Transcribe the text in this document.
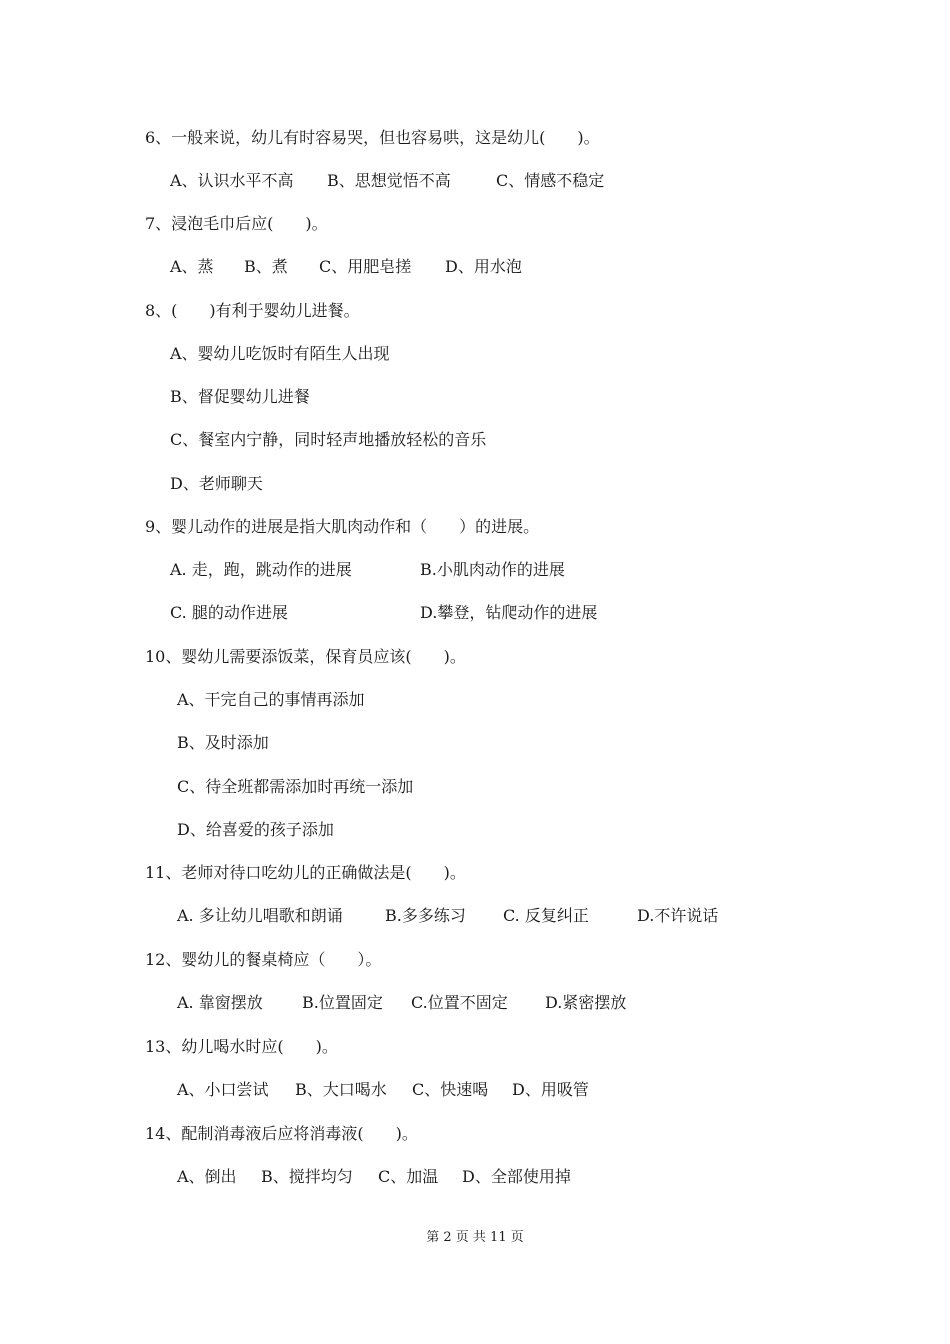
6、一般来说，幼儿有时容易哭，但也容易哄，这是幼儿(　　)。
A、认识水平不高 B、思想觉悟不高	C、情感不稳定
7、浸泡毛巾后应(　　)。
A、蒸 B、煮 C、用肥皂搓 D、用水泡
8、(　　)有利于婴幼儿进餐。
A、婴幼儿吃饭时有陌生人出现
B、督促婴幼儿进餐
C、餐室内宁静，同时轻声地播放轻松的音乐
D、老师聊天
9、婴儿动作的进展是指大肌肉动作和（　　）的进展。
A. 走，跑，跳动作的进展	B.小肌肉动作的进展
C. 腿的动作进展	D.攀登，钻爬动作的进展
10、婴幼儿需要添饭菜，保育员应该(　　)。
A、干完自己的事情再添加
B、及时添加
C、待全班都需添加时再统一添加
D、给喜爱的孩子添加
11、老师对待口吃幼儿的正确做法是(　　)。
A. 多让幼儿唱歌和朗诵	B.多多练习 C. 反复纠正	D.不许说话
12、婴幼儿的餐桌椅应（　　）。
A. 靠窗摆放 B.位置固定 C.位置不固定 D.紧密摆放
13、幼儿喝水时应(　　)。
A、小口尝试 B、大口喝水 C、快速喝 D、用吸管
14、配制消毒液后应将消毒液(　　)。
A、倒出 B、搅拌均匀 C、加温 D、全部使用掉
第 2 页 共 11 页
